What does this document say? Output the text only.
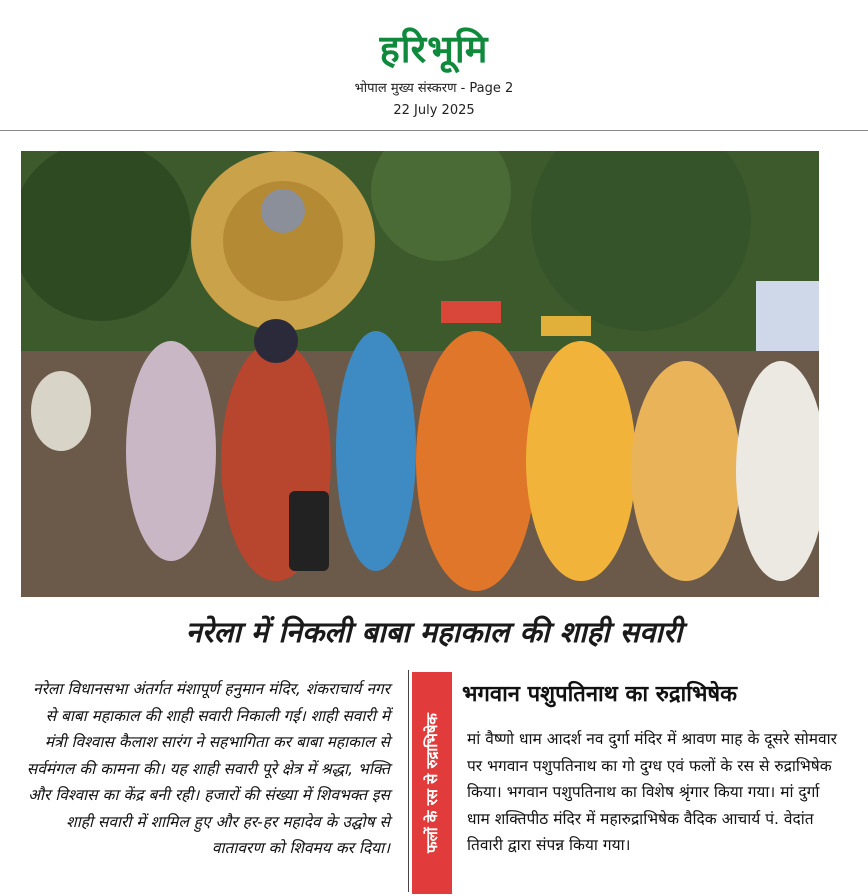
हरिभूमि
भोपाल मुख्य संस्करण - Page 2
22 July 2025
नरेला में निकली बाबा महाकाल की शाही सवारी
नरेला विधानसभा अंतर्गत मंशापूर्ण हनुमान मंदिर, शंकराचार्य नगर से बाबा महाकाल की शाही सवारी निकाली गई। शाही सवारी में मंत्री विश्वास कैलाश सारंग ने सहभागिता कर बाबा महाकाल से सर्वमंगल की कामना की। यह शाही सवारी पूरे क्षेत्र में श्रद्धा, भक्ति और विश्वास का केंद्र बनी रही। हजारों की संख्या में शिवभक्त इस शाही सवारी में शामिल हुए और हर-हर महादेव के उद्घोष से वातावरण को शिवमय कर दिया। फलों के रस से रुद्राभिषेक
भगवान पशुपतिनाथ का रुद्राभिषेक
मां वैष्णो धाम आदर्श नव दुर्गा मंदिर में श्रावण माह के दूसरे सोमवार पर भगवान पशुपतिनाथ का गो दुग्ध एवं फलों के रस से रुद्राभिषेक किया। भगवान पशुपतिनाथ का विशेष श्रृंगार किया गया। मां दुर्गा धाम शक्तिपीठ मंदिर में महारुद्राभिषेक वैदिक आचार्य पं. वेदांत तिवारी द्वारा संपन्न किया गया।
